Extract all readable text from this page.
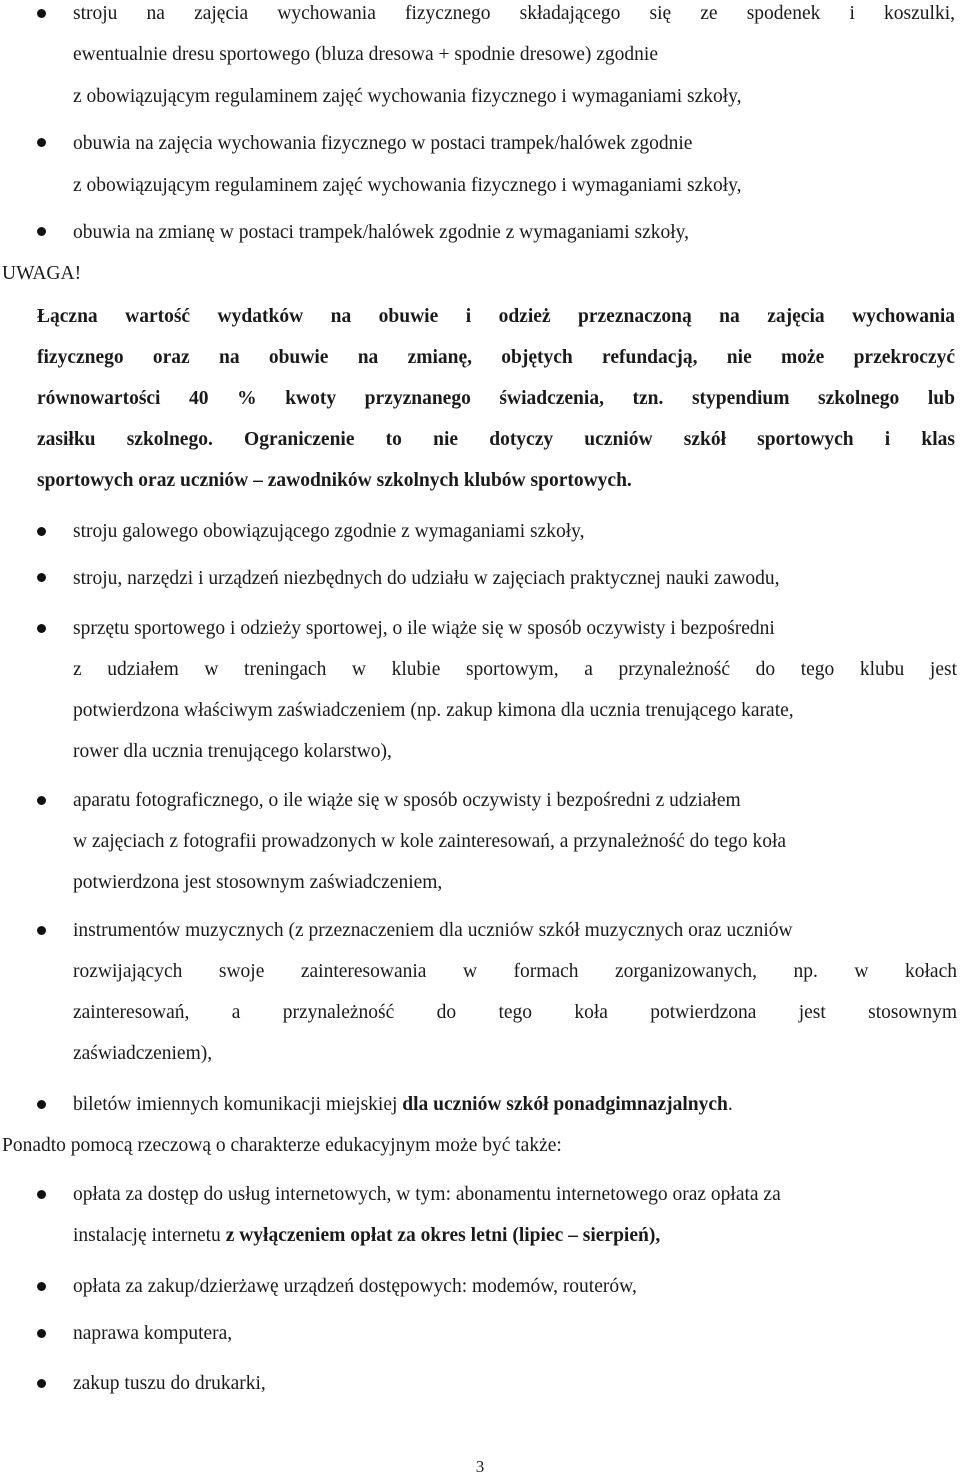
stroju na zajęcia wychowania fizycznego składającego się ze spodenek i koszulki,
ewentualnie dresu sportowego (bluza dresowa + spodnie dresowe) zgodnie
z obowiązującym regulaminem zajęć wychowania fizycznego i wymaganiami szkoły,
obuwia na zajęcia wychowania fizycznego w postaci trampek/halówek zgodnie
z obowiązującym regulaminem zajęć wychowania fizycznego i wymaganiami szkoły,
obuwia na zmianę w postaci trampek/halówek zgodnie z wymaganiami szkoły,
UWAGA!
Łączna wartość wydatków na obuwie i odzież przeznaczoną na zajęcia wychowania
fizycznego oraz na obuwie na zmianę, objętych refundacją, nie może przekroczyć
równowartości 40 % kwoty przyznanego świadczenia, tzn. stypendium szkolnego lub
zasiłku szkolnego. Ograniczenie to nie dotyczy uczniów szkół sportowych i klas
sportowych oraz uczniów – zawodników szkolnych klubów sportowych.
stroju galowego obowiązującego zgodnie z wymaganiami szkoły,
stroju, narzędzi i urządzeń niezbędnych do udziału w zajęciach praktycznej nauki zawodu,
sprzętu sportowego i odzieży sportowej, o ile wiąże się w sposób oczywisty i bezpośredni
z udziałem w treningach w klubie sportowym, a przynależność do tego klubu jest
potwierdzona właściwym zaświadczeniem (np. zakup kimona dla ucznia trenującego karate,
rower dla ucznia trenującego kolarstwo),
aparatu fotograficznego, o ile wiąże się w sposób oczywisty i bezpośredni z udziałem
w zajęciach z fotografii prowadzonych w kole zainteresowań, a przynależność do tego koła
potwierdzona jest stosownym zaświadczeniem,
instrumentów muzycznych (z przeznaczeniem dla uczniów szkół muzycznych oraz uczniów
rozwijających swoje zainteresowania w formach zorganizowanych, np. w kołach
zainteresowań, a przynależność do tego koła potwierdzona jest stosownym
zaświadczeniem),
biletów imiennych komunikacji miejskiej dla uczniów szkół ponadgimnazjalnych.
Ponadto pomocą rzeczową o charakterze edukacyjnym może być także:
opłata za dostęp do usług internetowych, w tym: abonamentu internetowego oraz opłata za
instalację internetu z wyłączeniem opłat za okres letni (lipiec – sierpień),
opłata za zakup/dzierżawę urządzeń dostępowych: modemów, routerów,
naprawa komputera,
zakup tuszu do drukarki,
3
